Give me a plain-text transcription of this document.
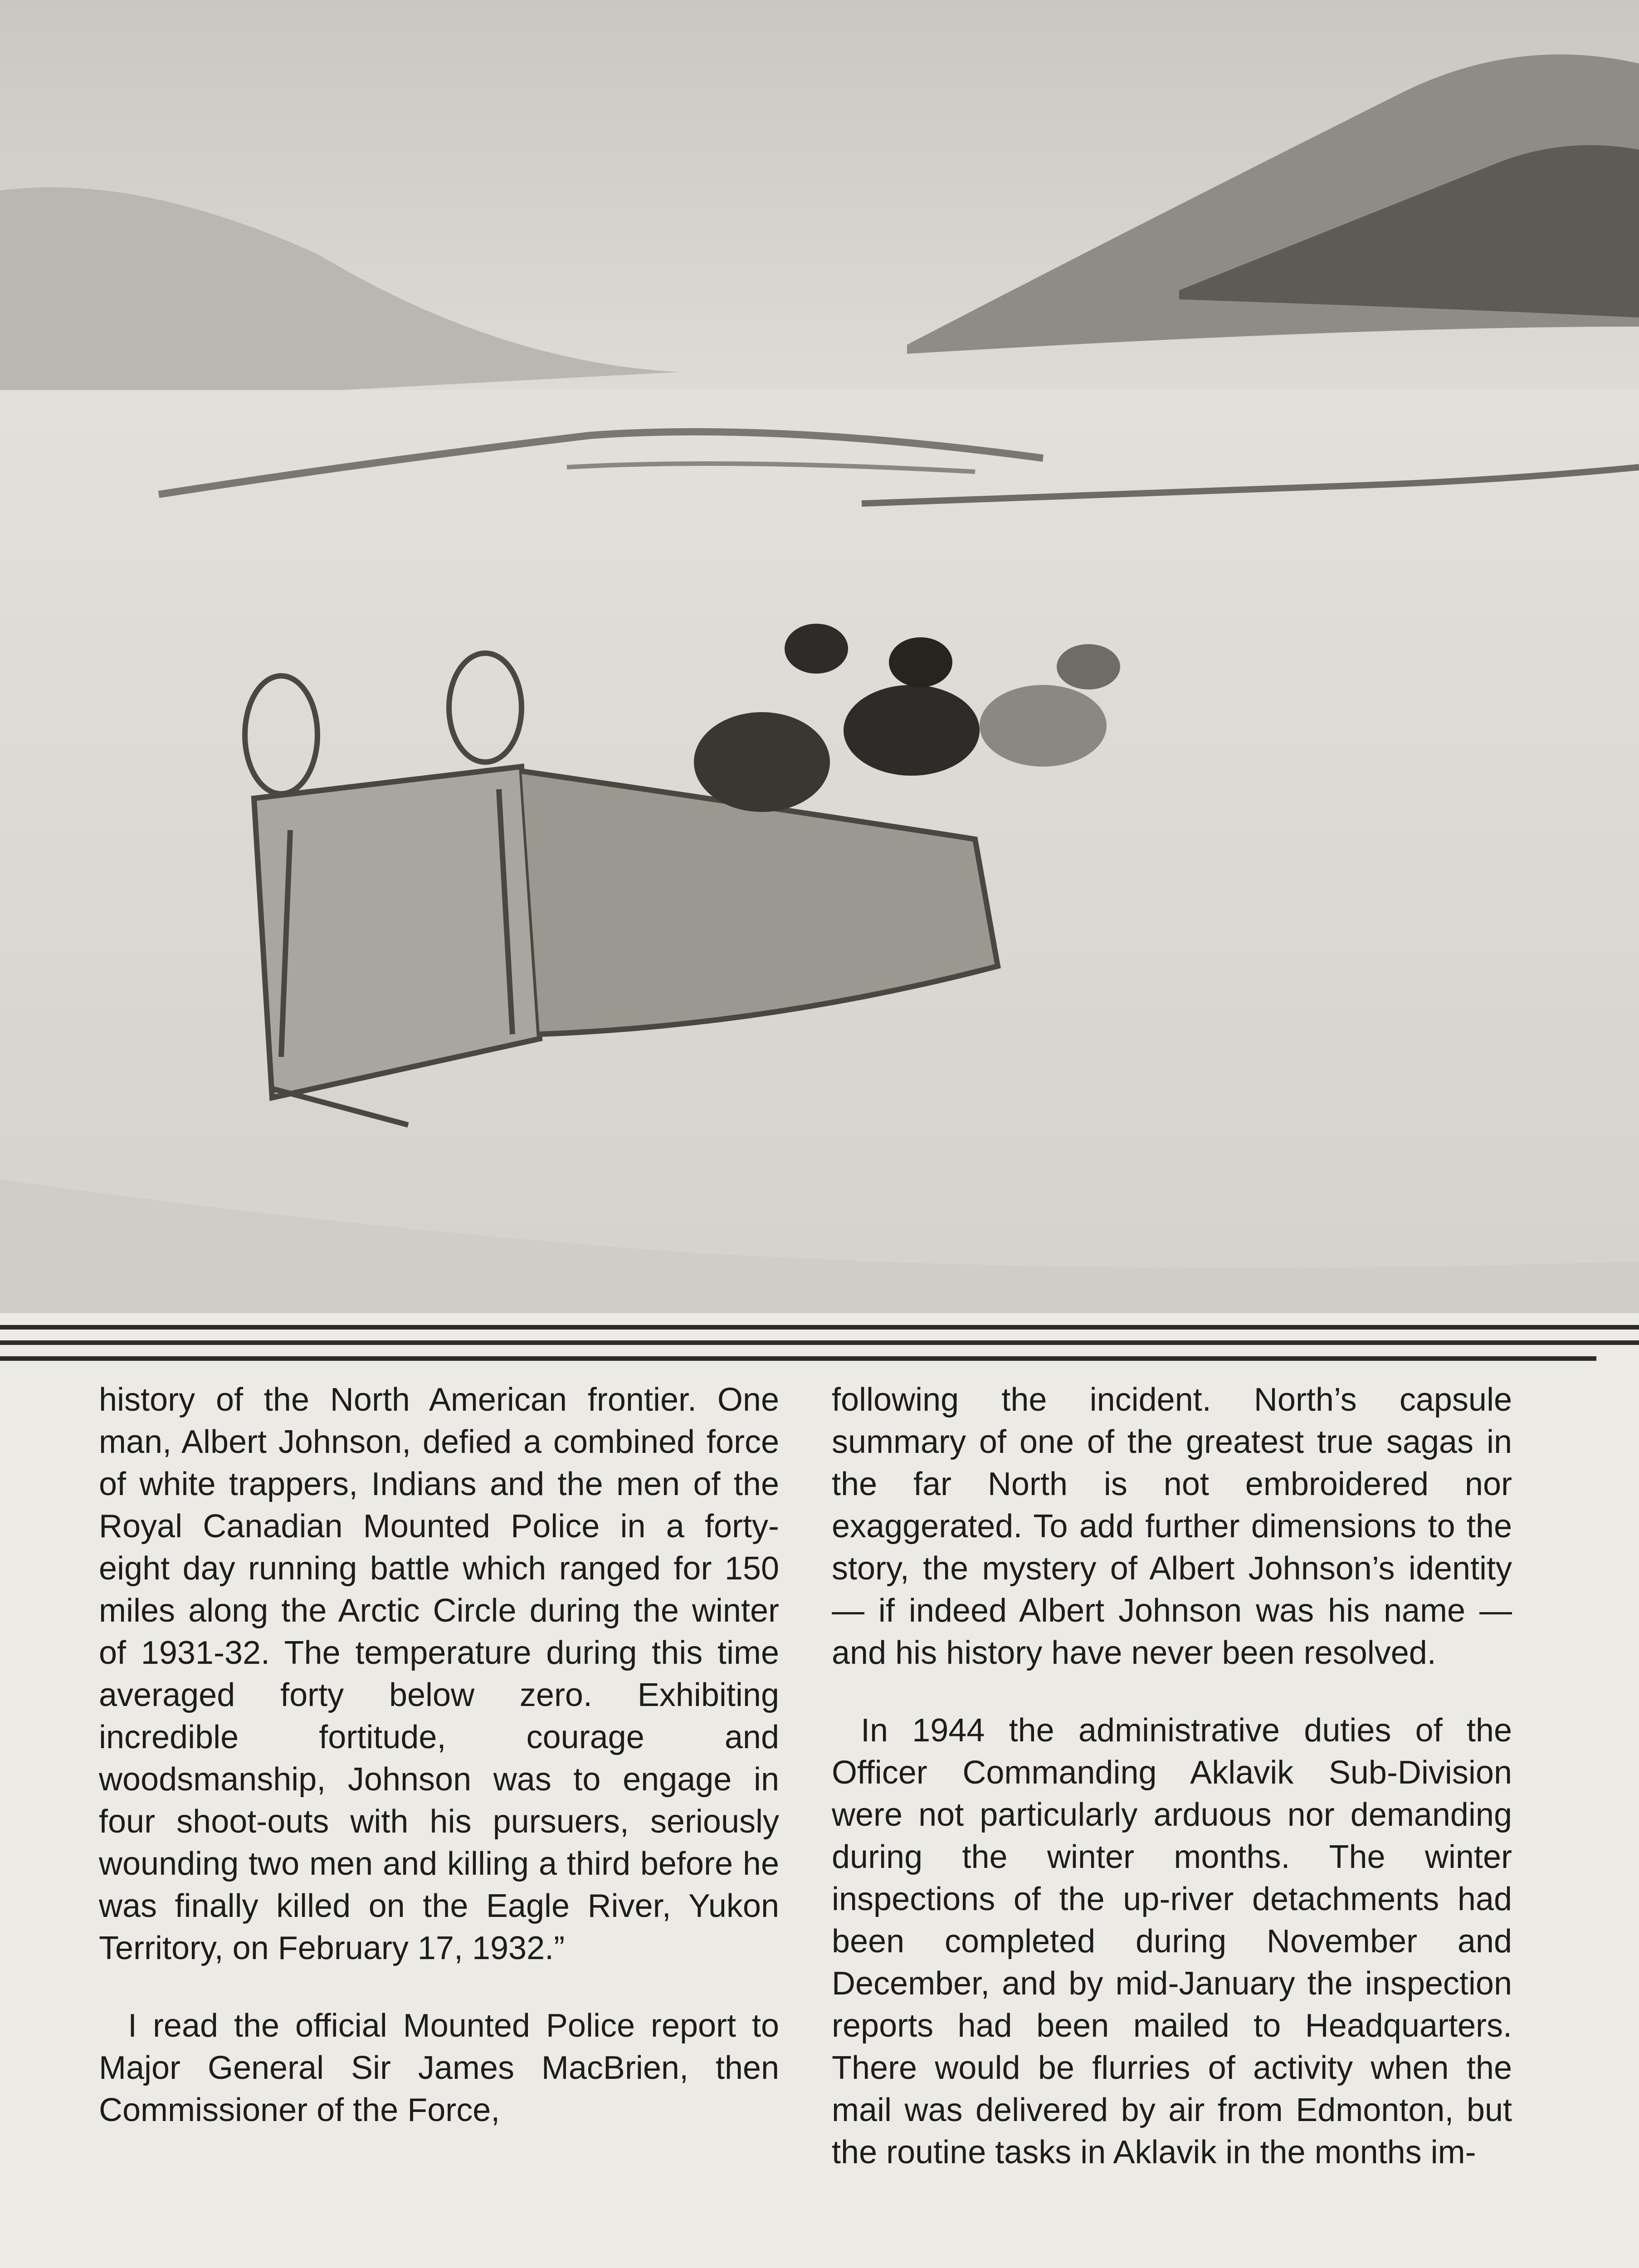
history of the North American frontier. One man, Albert Johnson, defied a combined force of white trappers, Indians and the men of the Royal Canadian Mounted Police in a forty-eight day running battle which ranged for 150 miles along the Arctic Circle during the winter of 1931-32. The temperature during this time averaged forty below zero. Exhibiting incredible fortitude, courage and woodsmanship, Johnson was to engage in four shoot-outs with his pursuers, seriously wounding two men and killing a third before he was finally killed on the Eagle River, Yukon Territory, on February 17, 1932.”

I read the official Mounted Police report to Major General Sir James MacBrien, then Commissioner of the Force,

following the incident. North’s capsule summary of one of the greatest true sagas in the far North is not embroidered nor exaggerated. To add further dimensions to the story, the mystery of Albert Johnson’s identity — if indeed Albert Johnson was his name — and his history have never been resolved.

In 1944 the administrative duties of the Officer Commanding Aklavik Sub-Division were not particularly arduous nor demanding during the winter months. The winter inspections of the up-river detachments had been completed during November and December, and by mid-January the inspection reports had been mailed to Headquarters. There would be flurries of activity when the mail was delivered by air from Edmonton, but the routine tasks in Aklavik in the months im-
